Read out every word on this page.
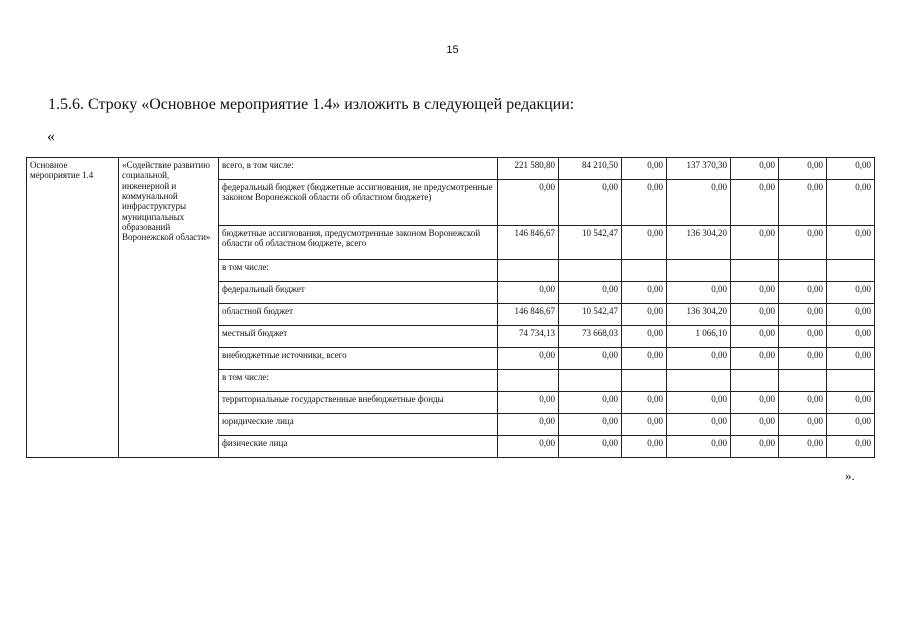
15
1.5.6. Строку «Основное мероприятие 1.4» изложить в следующей редакции:
«
Основное мероприятие 1.4	«Содействие развитию социальной, инженерной и коммунальной инфраструктуры муниципальных образований Воронежской области»	всего, в том числе:	221 580,80	84 210,50	0,00	137 370,30	0,00	0,00	0,00
		федеральный бюджет (бюджетные ассигнования, не предусмотренные законом Воронежской области об областном бюджете)	0,00	0,00	0,00	0,00	0,00	0,00	0,00
		бюджетные ассигнования, предусмотренные законом Воронежской области об областном бюджете, всего	146 846,67	10 542,47	0,00	136 304,20	0,00	0,00	0,00
		в том числе:							
		федеральный бюджет	0,00	0,00	0,00	0,00	0,00	0,00	0,00
		областной бюджет	146 846,67	10 542,47	0,00	136 304,20	0,00	0,00	0,00
		местный бюджет	74 734,13	73 668,03	0,00	1 066,10	0,00	0,00	0,00
		внебюджетные источники, всего	0,00	0,00	0,00	0,00	0,00	0,00	0,00
		в том числе:							
		территориальные государственные внебюджетные фонды	0,00	0,00	0,00	0,00	0,00	0,00	0,00
		юридические лица	0,00	0,00	0,00	0,00	0,00	0,00	0,00
		физические лица	0,00	0,00	0,00	0,00	0,00	0,00	0,00
».
